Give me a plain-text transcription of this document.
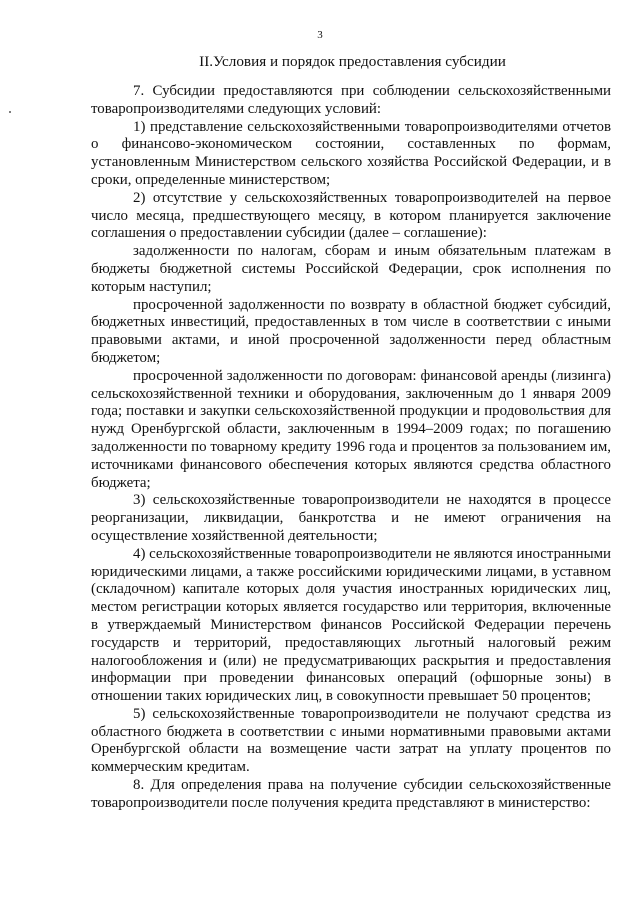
3
II.Условия и порядок предоставления субсидии

7. Субсидии предоставляются при соблюдении сельскохозяйственными товаропроизводителями следующих условий:

1) представление сельскохозяйственными товаропроизводителями отчетов о финансово-экономическом состоянии, составленных по формам, установленным Министерством сельского хозяйства Российской Федерации, и в сроки, определенные министерством;

2) отсутствие у сельскохозяйственных товаропроизводителей на первое число месяца, предшествующего месяцу, в котором планируется заключение соглашения о предоставлении субсидии (далее – соглашение):

задолженности по налогам, сборам и иным обязательным платежам в бюджеты бюджетной системы Российской Федерации, срок исполнения по которым наступил;

просроченной задолженности по возврату в областной бюджет субсидий, бюджетных инвестиций, предоставленных в том числе в соответствии с иными правовыми актами, и иной просроченной задолженности перед областным бюджетом;

просроченной задолженности по договорам: финансовой аренды (лизинга) сельскохозяйственной техники и оборудования, заключенным до 1 января 2009 года; поставки и закупки сельскохозяйственной продукции и продовольствия для нужд Оренбургской области, заключенным в 1994–2009 годах; по погашению задолженности по товарному кредиту 1996 года и процентов за пользованием им, источниками финансового обеспечения которых являются средства областного бюджета;

3) сельскохозяйственные товаропроизводители не находятся в процессе реорганизации, ликвидации, банкротства и не имеют ограничения на осуществление хозяйственной деятельности;

4) сельскохозяйственные товаропроизводители не являются иностранными юридическими лицами, а также российскими юридическими лицами, в уставном (складочном) капитале которых доля участия иностранных юридических лиц, местом регистрации которых является государство или территория, включенные в утверждаемый Министерством финансов Российской Федерации перечень государств и территорий, предоставляющих льготный налоговый режим налогообложения и (или) не предусматривающих раскрытия и предоставления информации при проведении финансовых операций (офшорные зоны) в отношении таких юридических лиц, в совокупности превышает 50 процентов;

5) сельскохозяйственные товаропроизводители не получают средства из областного бюджета в соответствии с иными нормативными правовыми актами Оренбургской области на возмещение части затрат на уплату процентов по коммерческим кредитам.

8. Для определения права на получение субсидии сельскохозяйственные товаропроизводители после получения кредита представляют в министерство:
